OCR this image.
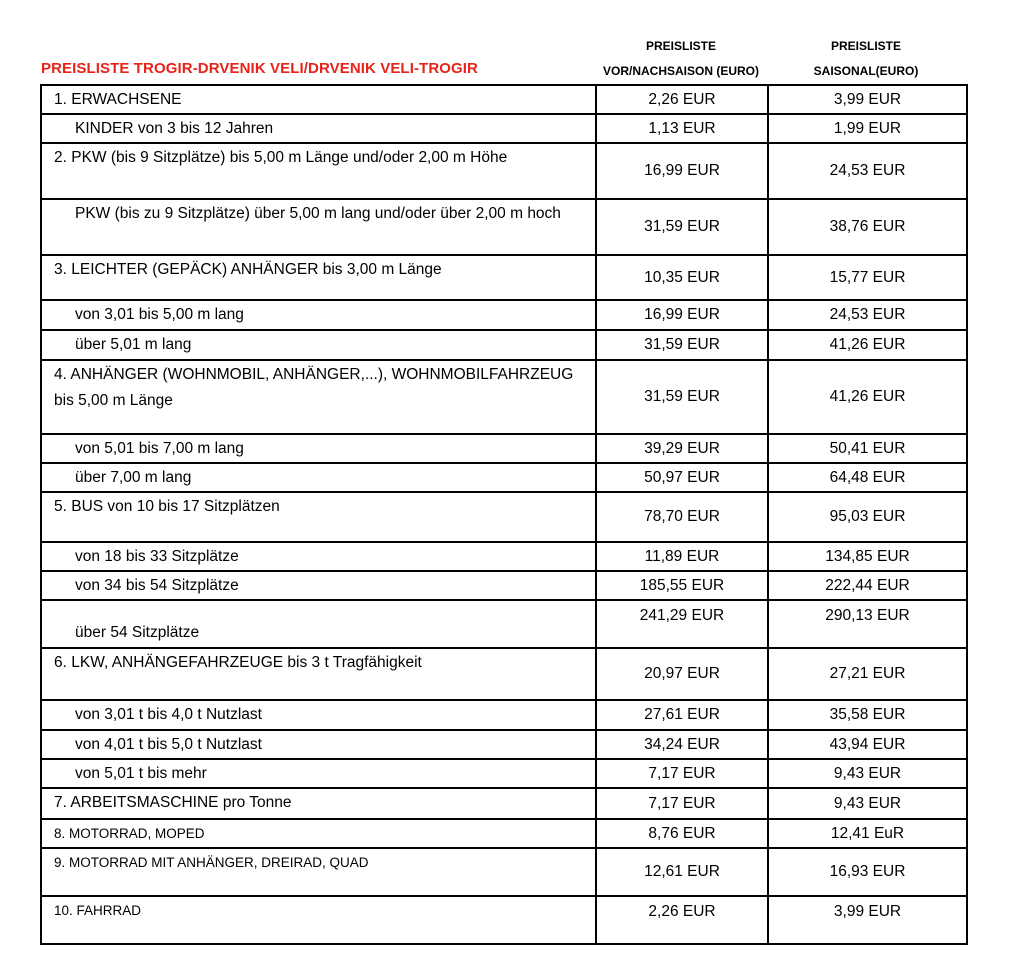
PREISLISTE TROGIR-DRVENIK VELI/DRVENIK VELI-TROGIR
PREISLISTE
VOR/NACHSAISON (EURO)
PREISLISTE
SAISONAL(EURO)
1. ERWACHSENE	2,26 EUR	3,99 EUR
KINDER von 3 bis 12 Jahren	1,13 EUR	1,99 EUR
2. PKW (bis 9 Sitzplätze) bis 5,00 m Länge und/oder 2,00 m Höhe	16,99 EUR	24,53 EUR
PKW (bis zu 9 Sitzplätze) über 5,00 m lang und/oder über 2,00 m hoch	31,59 EUR	38,76 EUR
3. LEICHTER (GEPÄCK) ANHÄNGER bis 3,00 m Länge	10,35 EUR	15,77 EUR
von 3,01 bis 5,00 m lang	16,99 EUR	24,53 EUR
über 5,01 m lang	31,59 EUR	41,26 EUR
4. ANHÄNGER (WOHNMOBIL, ANHÄNGER,...), WOHNMOBILFAHRZEUG bis 5,00 m Länge	31,59 EUR	41,26 EUR
von 5,01 bis 7,00 m lang	39,29 EUR	50,41 EUR
über 7,00 m lang	50,97 EUR	64,48 EUR
5. BUS von 10 bis 17 Sitzplätzen	78,70 EUR	95,03 EUR
von 18 bis 33 Sitzplätze	11,89 EUR	134,85 EUR
von 34 bis 54 Sitzplätze	185,55 EUR	222,44 EUR
über 54 Sitzplätze	241,29 EUR	290,13 EUR
6. LKW, ANHÄNGEFAHRZEUGE bis 3 t Tragfähigkeit	20,97 EUR	27,21 EUR
von 3,01 t bis 4,0 t Nutzlast	27,61 EUR	35,58 EUR
von 4,01 t bis 5,0 t Nutzlast	34,24 EUR	43,94 EUR
von 5,01 t bis mehr	7,17 EUR	9,43 EUR
7. ARBEITSMASCHINE pro Tonne	7,17 EUR	9,43 EUR
8. MOTORRAD, MOPED	8,76 EUR	12,41 EuR
9. MOTORRAD MIT ANHÄNGER, DREIRAD, QUAD	12,61 EUR	16,93 EUR
10. FAHRRAD	2,26 EUR	3,99 EUR
